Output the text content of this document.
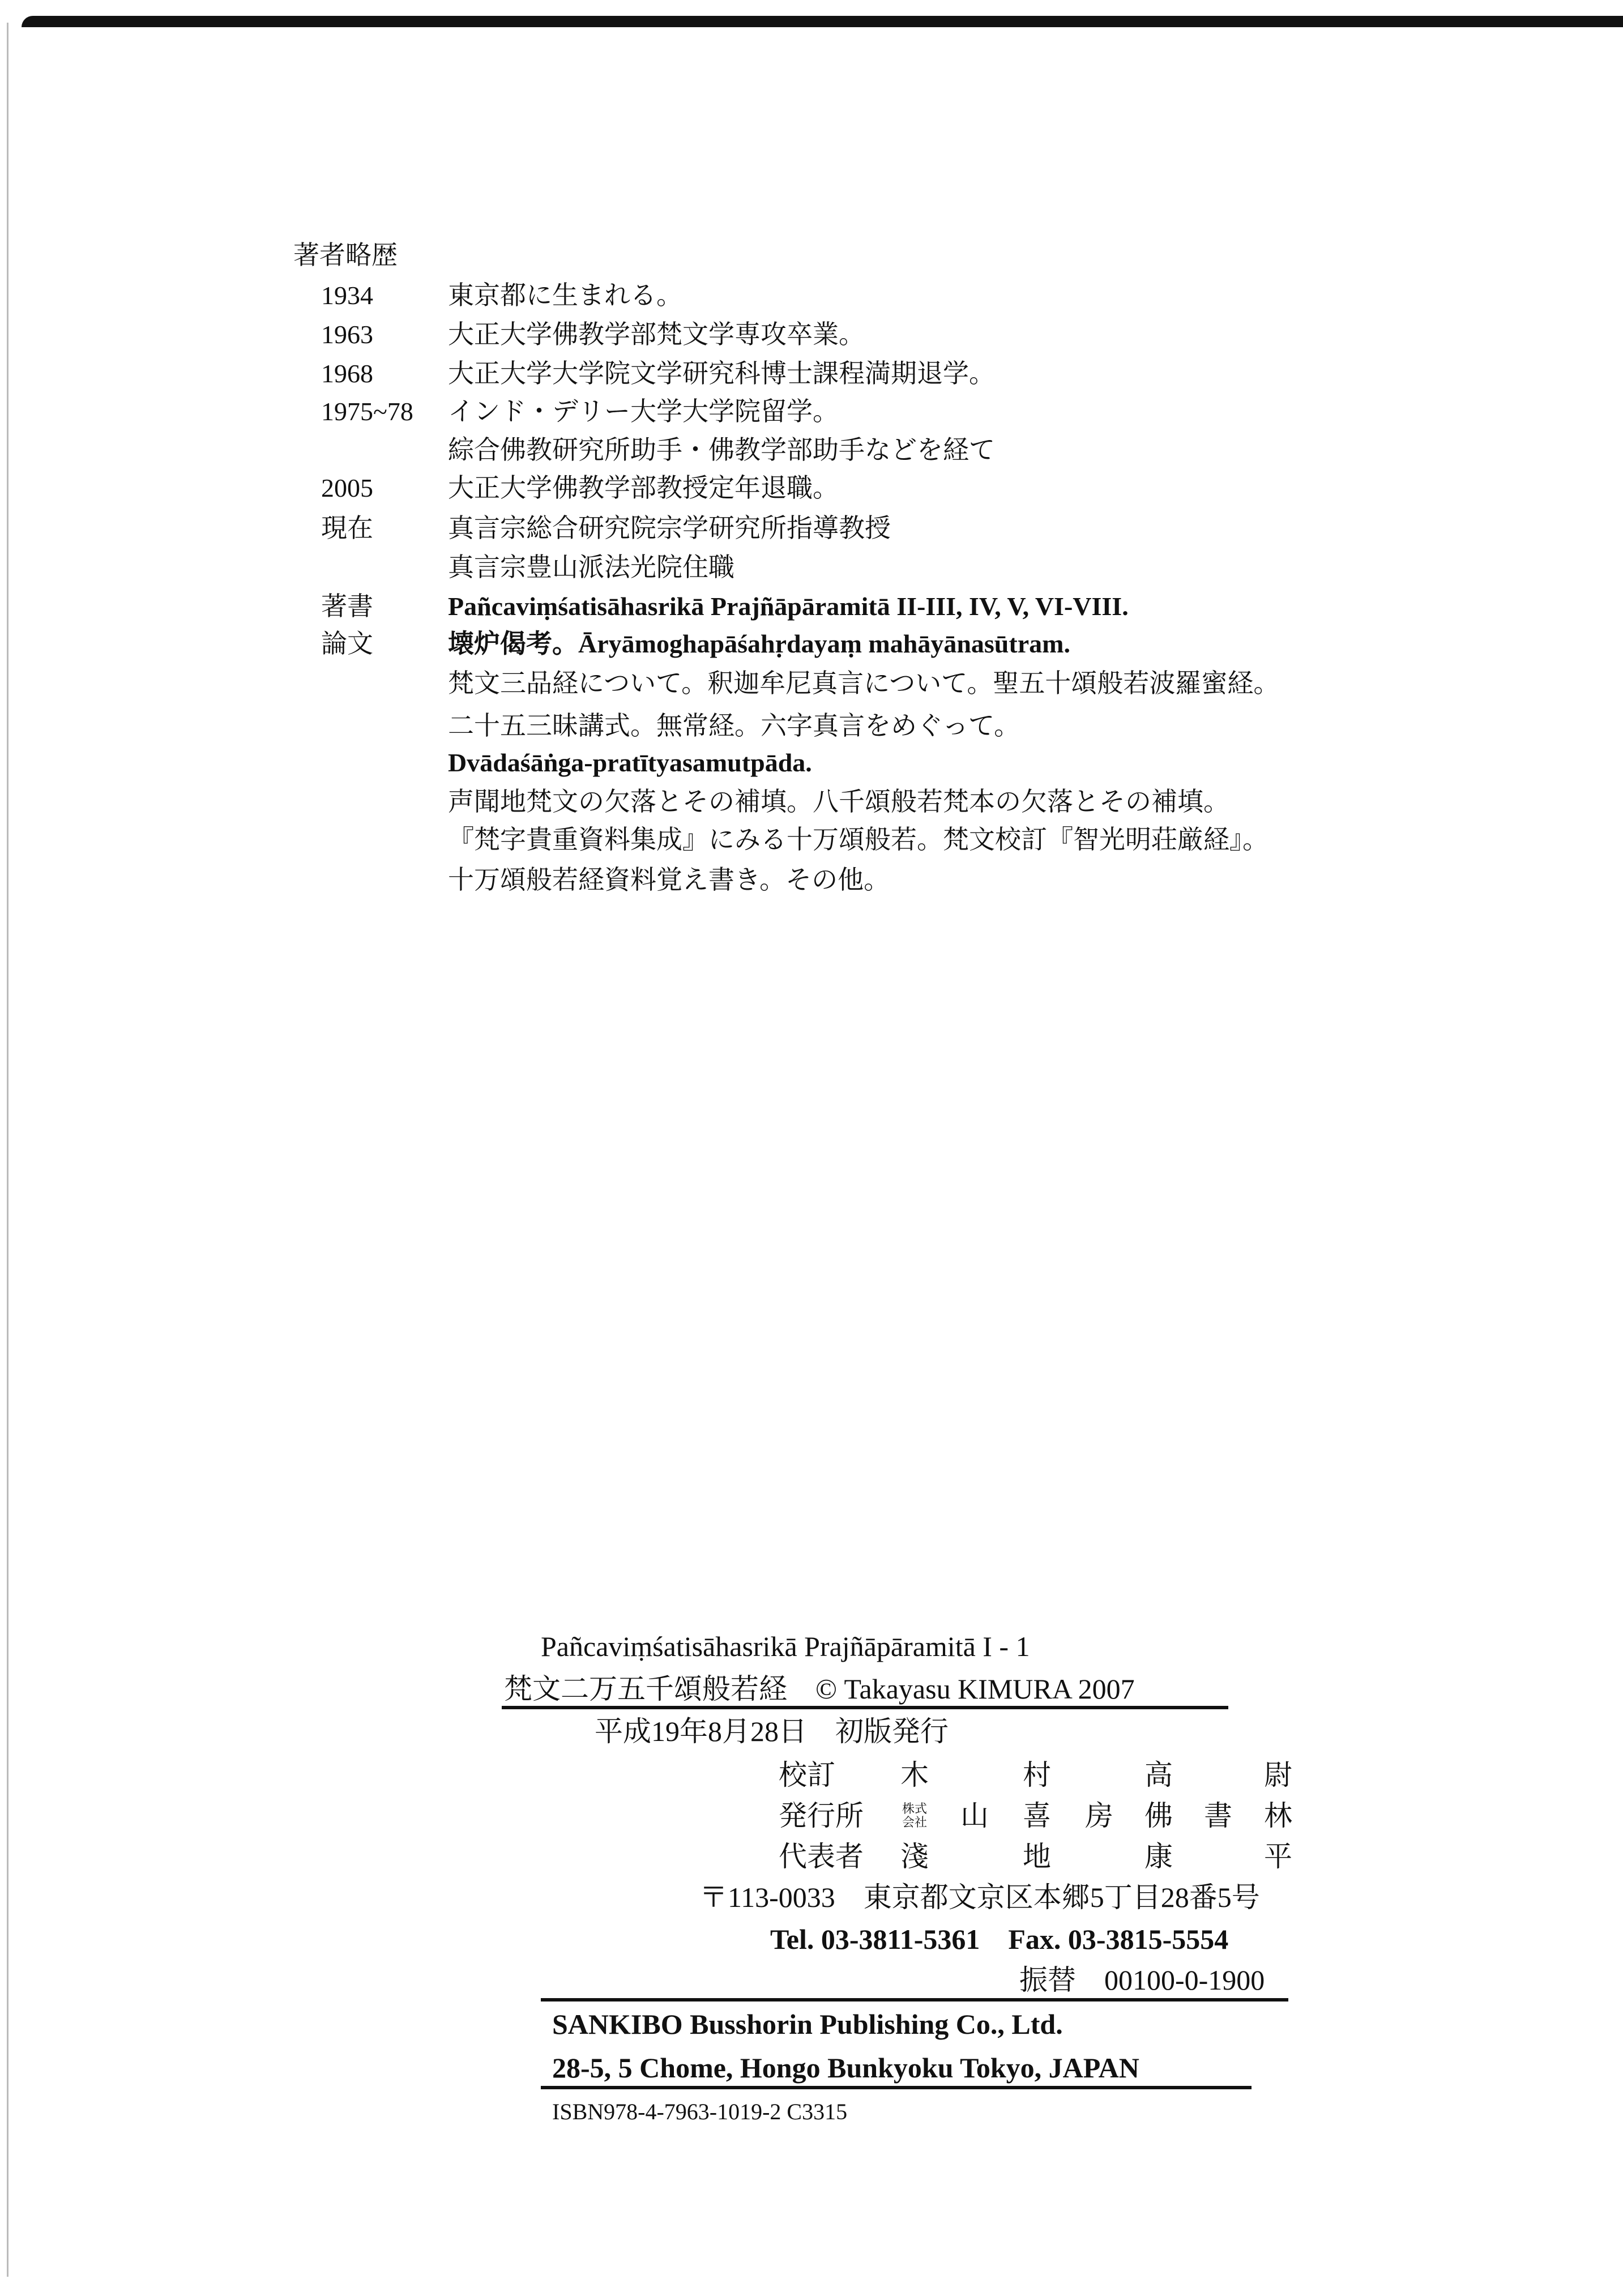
著者略歴
1934	東京都に生まれる。
1963	大正大学佛教学部梵文学専攻卒業。
1968	大正大学大学院文学研究科博士課程満期退学。
1975~78 インド・デリー大学大学院留学。
綜合佛教研究所助手・佛教学部助手などを経て
2005	大正大学佛教学部教授定年退職。
現在	真言宗総合研究院宗学研究所指導教授
真言宗豊山派法光院住職
著書	Pañcaviṃśatisāhasrikā Prajñāpāramitā II-III, IV, V, VI-VIII.
論文	壊炉偈考。Āryāmoghapāśahṛdayaṃ mahāyānasūtram.
梵文三品経について。釈迦牟尼真言について。聖五十頌般若波羅蜜経。
二十五三昧講式。無常経。六字真言をめぐって。
Dvādaśāṅga-pratītyasamutpāda.
声聞地梵文の欠落とその補填。八千頌般若梵本の欠落とその補填。
『梵字貴重資料集成』にみる十万頌般若。梵文校訂『智光明荘厳経』。
十万頌般若経資料覚え書き。その他。
Pañcaviṃśatisāhasrikā Prajñāpāramitā I - 1
梵文二万五千頌般若経　© Takayasu KIMURA 2007
平成19年8月28日　初版発行
校訂 木	村	高	尉
発行所	株式会社 山 喜 房 佛 書 林
代表者 淺	地	康	平
〒113-0033　東京都文京区本郷5丁目28番5号
Tel. 03-3811-5361　Fax. 03-3815-5554
振替　00100-0-1900
SANKIBO Busshorin Publishing Co., Ltd.
28-5, 5 Chome, Hongo Bunkyoku Tokyo, JAPAN
ISBN978-4-7963-1019-2 C3315
